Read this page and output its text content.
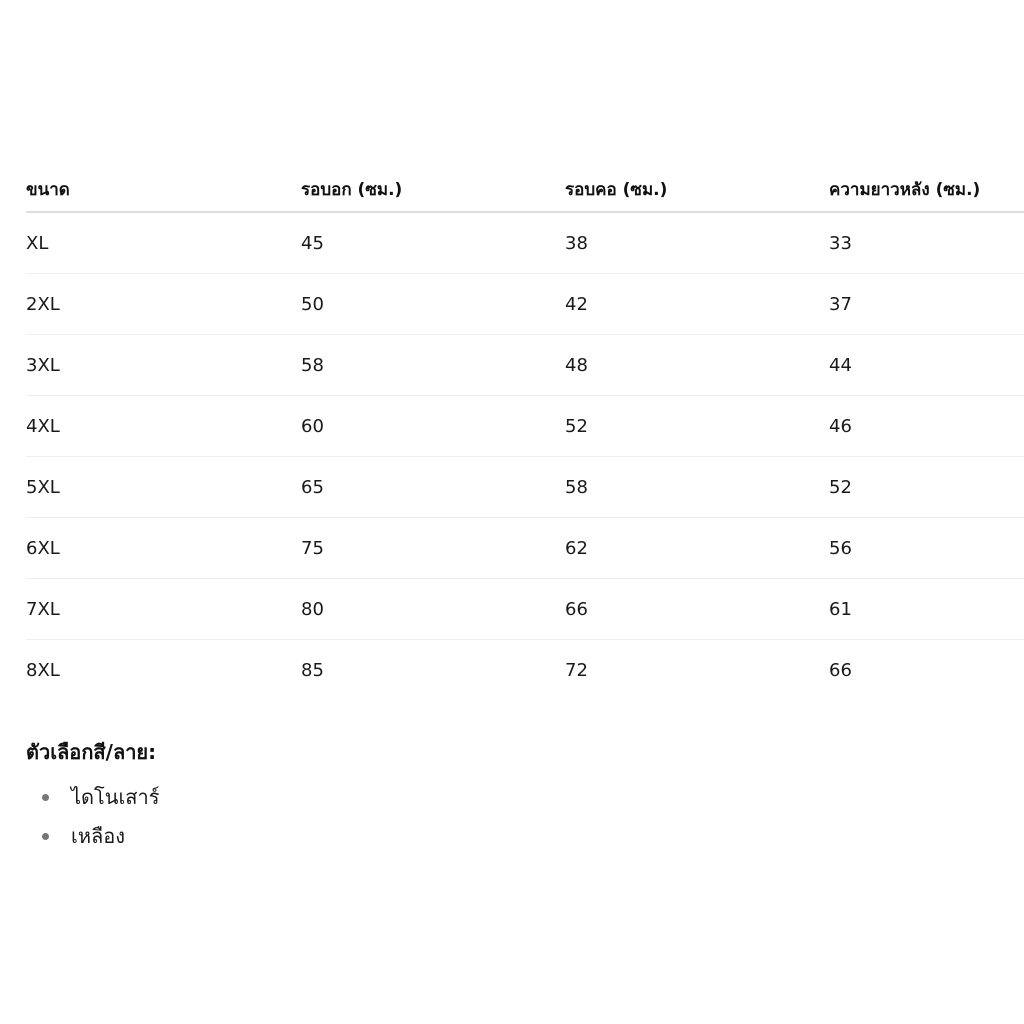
ขนาด	รอบอก (ซม.)	รอบคอ (ซม.)	ความยาวหลัง (ซม.)
XL	45	38	33
2XL	50	42	37
3XL	58	48	44
4XL	60	52	46
5XL	65	58	52
6XL	75	62	56
7XL	80	66	61
8XL	85	72	66
ตัวเลือกสี/ลาย:
ไดโนเสาร์
เหลือง
